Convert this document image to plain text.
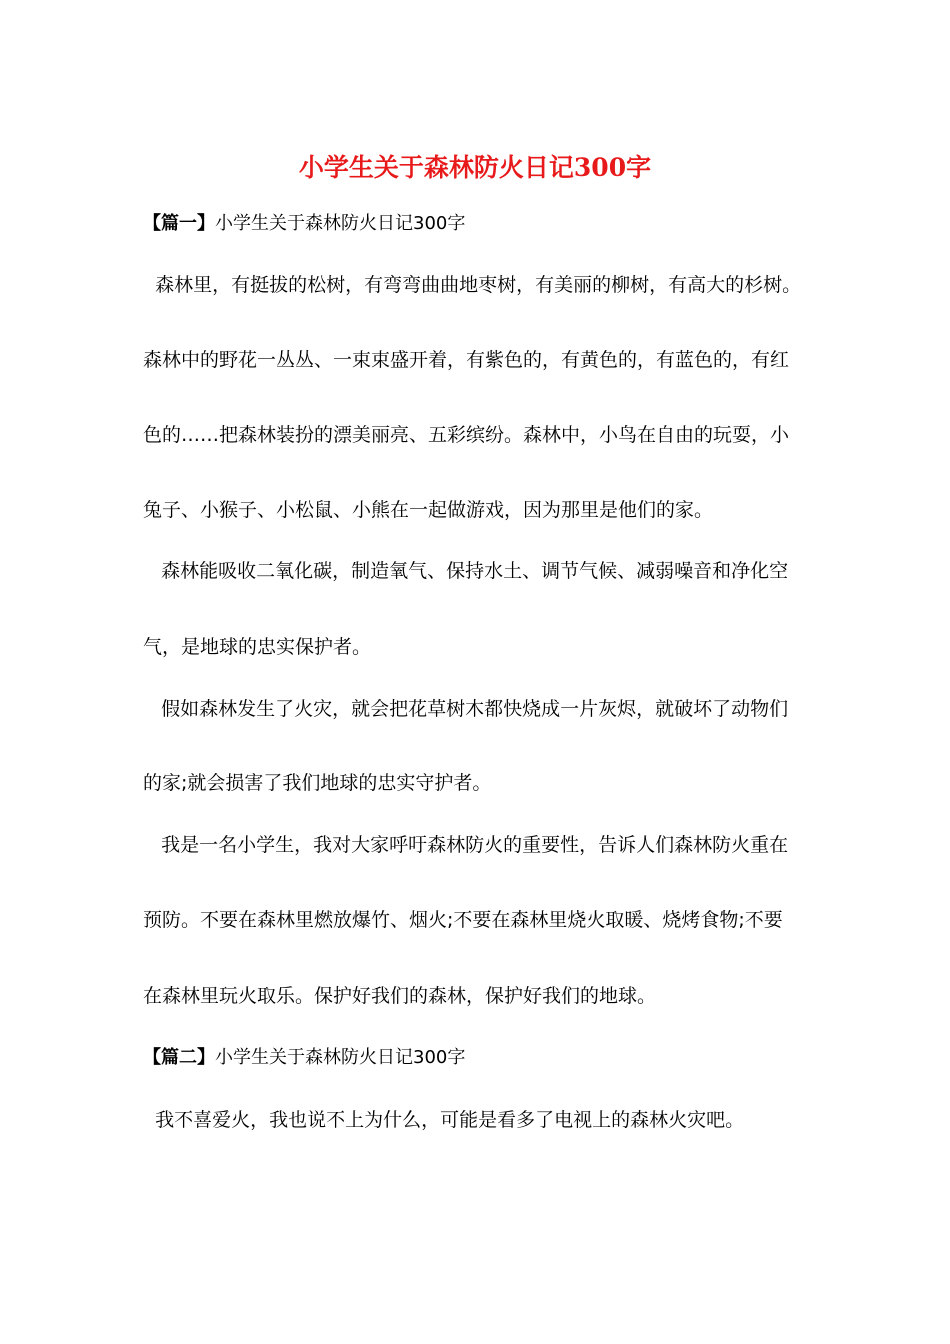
小学生关于森林防火日记300字
【篇一】小学生关于森林防火日记300字
森林里，有挺拔的松树，有弯弯曲曲地枣树，有美丽的柳树，有高大的杉树。
森林中的野花一丛丛、一束束盛开着，有紫色的，有黄色的，有蓝色的，有红
色的……把森林装扮的漂美丽亮、五彩缤纷。森林中，小鸟在自由的玩耍，小
兔子、小猴子、小松鼠、小熊在一起做游戏，因为那里是他们的家。
森林能吸收二氧化碳，制造氧气、保持水土、调节气候、减弱噪音和净化空
气，是地球的忠实保护者。
假如森林发生了火灾，就会把花草树木都快烧成一片灰烬，就破坏了动物们
的家;就会损害了我们地球的忠实守护者。
我是一名小学生，我对大家呼吁森林防火的重要性，告诉人们森林防火重在
预防。不要在森林里燃放爆竹、烟火;不要在森林里烧火取暖、烧烤食物;不要
在森林里玩火取乐。保护好我们的森林，保护好我们的地球。
【篇二】小学生关于森林防火日记300字
我不喜爱火，我也说不上为什么，可能是看多了电视上的森林火灾吧。
